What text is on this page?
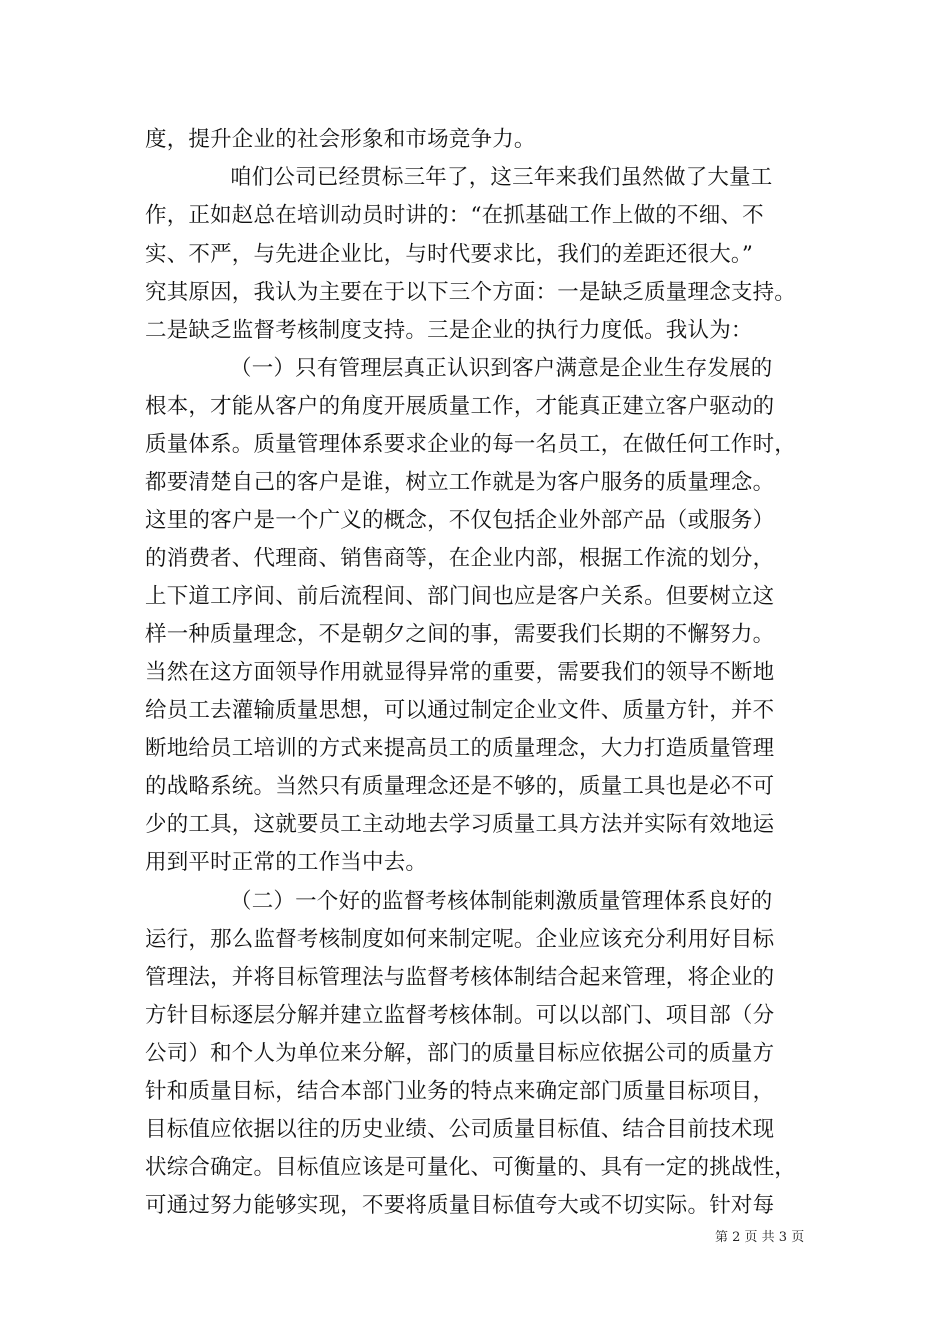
度，提升企业的社会形象和市场竞争力。
咱们公司已经贯标三年了，这三年来我们虽然做了大量工
作，正如赵总在培训动员时讲的：“在抓基础工作上做的不细、不
实、不严，与先进企业比，与时代要求比，我们的差距还很大。”
究其原因，我认为主要在于以下三个方面：一是缺乏质量理念支持。
二是缺乏监督考核制度支持。三是企业的执行力度低。我认为：
（一）只有管理层真正认识到客户满意是企业生存发展的
根本，才能从客户的角度开展质量工作，才能真正建立客户驱动的
质量体系。质量管理体系要求企业的每一名员工，在做任何工作时，
都要清楚自己的客户是谁，树立工作就是为客户服务的质量理念。
这里的客户是一个广义的概念，不仅包括企业外部产品（或服务）
的消费者、代理商、销售商等，在企业内部，根据工作流的划分，
上下道工序间、前后流程间、部门间也应是客户关系。但要树立这
样一种质量理念，不是朝夕之间的事，需要我们长期的不懈努力。
当然在这方面领导作用就显得异常的重要，需要我们的领导不断地
给员工去灌输质量思想，可以通过制定企业文件、质量方针，并不
断地给员工培训的方式来提高员工的质量理念，大力打造质量管理
的战略系统。当然只有质量理念还是不够的，质量工具也是必不可
少的工具，这就要员工主动地去学习质量工具方法并实际有效地运
用到平时正常的工作当中去。
（二）一个好的监督考核体制能刺激质量管理体系良好的
运行，那么监督考核制度如何来制定呢。企业应该充分利用好目标
管理法，并将目标管理法与监督考核体制结合起来管理，将企业的
方针目标逐层分解并建立监督考核体制。可以以部门、项目部（分
公司）和个人为单位来分解，部门的质量目标应依据公司的质量方
针和质量目标，结合本部门业务的特点来确定部门质量目标项目，
目标值应依据以往的历史业绩、公司质量目标值、结合目前技术现
状综合确定。目标值应该是可量化、可衡量的、具有一定的挑战性，
可通过努力能够实现，不要将质量目标值夸大或不切实际。针对每
第 2 页 共 3 页
